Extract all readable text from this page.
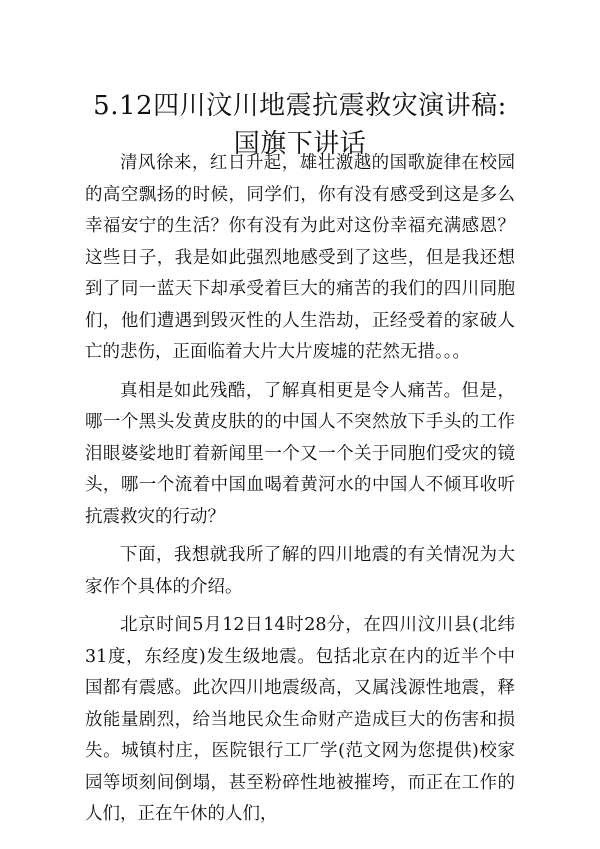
5.12四川汶川地震抗震救灾演讲稿:国旗下讲话

清风徐来，红日升起，雄壮激越的国歌旋律在校园的高空飘扬的时候，同学们，你有没有感受到这是多么幸福安宁的生活？你有没有为此对这份幸福充满感恩？这些日子，我是如此强烈地感受到了这些，但是我还想到了同一蓝天下却承受着巨大的痛苦的我们的四川同胞们，他们遭遇到毁灭性的人生浩劫，正经受着的家破人亡的悲伤，正面临着大片大片废墟的茫然无措。。。

真相是如此残酷，了解真相更是令人痛苦。但是，哪一个黑头发黄皮肤的的中国人不突然放下手头的工作泪眼婆娑地盯着新闻里一个又一个关于同胞们受灾的镜头，哪一个流着中国血喝着黄河水的中国人不倾耳收听抗震救灾的行动？

下面，我想就我所了解的四川地震的有关情况为大家作个具体的介绍。

北京时间5月12日14时28分，在四川汶川县(北纬31度，东经度)发生级地震。包括北京在内的近半个中国都有震感。此次四川地震级高，又属浅源性地震，释放能量剧烈，给当地民众生命财产造成巨大的伤害和损失。城镇村庄，医院银行工厂学(范文网为您提供)校家园等顷刻间倒塌，甚至粉碎性地被摧垮，而正在工作的人们，正在午休的人们，
